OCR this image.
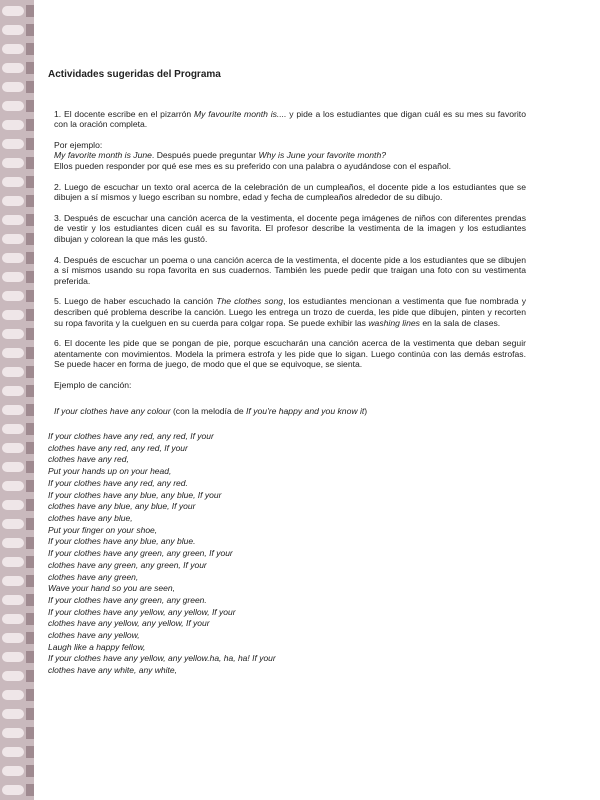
Actividades sugeridas del Programa

1. El docente escribe en el pizarrón My favourite month is.... y pide a los estudiantes que digan cuál es su mes su favorito con la oración completa.

Por ejemplo:

My favorite month is June. Después puede preguntar Why is June your favorite month?

Ellos pueden responder por qué ese mes es su preferido con una palabra o ayudándose con el español.

2. Luego de escuchar un texto oral acerca de la celebración de un cumpleaños, el docente pide a los estudiantes que se dibujen a sí mismos y luego escriban su nombre, edad y fecha de cumpleaños alrededor de su dibujo.

3. Después de escuchar una canción acerca de la vestimenta, el docente pega imágenes de niños con diferentes prendas de vestir y los estudiantes dicen cuál es su favorita. El profesor describe la vestimenta de la imagen y los estudiantes dibujan y colorean la que más les gustó.

4. Después de escuchar un poema o una canción acerca de la vestimenta, el docente pide a los estudiantes que se dibujen a sí mismos usando su ropa favorita en sus cuadernos. También les puede pedir que traigan una foto con su vestimenta preferida.

5. Luego de haber escuchado la canción The clothes song, los estudiantes mencionan a vestimenta que fue nombrada y describen qué problema describe la canción. Luego les entrega un trozo de cuerda, les pide que dibujen, pinten y recorten su ropa favorita y la cuelguen en su cuerda para colgar ropa. Se puede exhibir las washing lines en la sala de clases.

6. El docente les pide que se pongan de pie, porque escucharán una canción acerca de la vestimenta que deban seguir atentamente con movimientos. Modela la primera estrofa y les pide que lo sigan. Luego continúa con las demás estrofas. Se puede hacer en forma de juego, de modo que el que se equivoque, se sienta.

Ejemplo de canción:

If your clothes have any colour (con la melodía de If you're happy and you know it)
If your clothes have any red, any red, If your
clothes have any red, any red, If your
clothes have any red,
Put your hands up on your head,
If your clothes have any red, any red.
If your clothes have any blue, any blue, If your
clothes have any blue, any blue, If your
clothes have any blue,
Put your finger on your shoe,
If your clothes have any blue, any blue.
If your clothes have any green, any green, If your
clothes have any green, any green, If your
clothes have any green,
Wave your hand so you are seen,
If your clothes have any green, any green.
If your clothes have any yellow, any yellow, If your
clothes have any yellow, any yellow, If your
clothes have any yellow,
Laugh like a happy fellow,
If your clothes have any yellow, any yellow.ha, ha, ha! If your
clothes have any white, any white,
